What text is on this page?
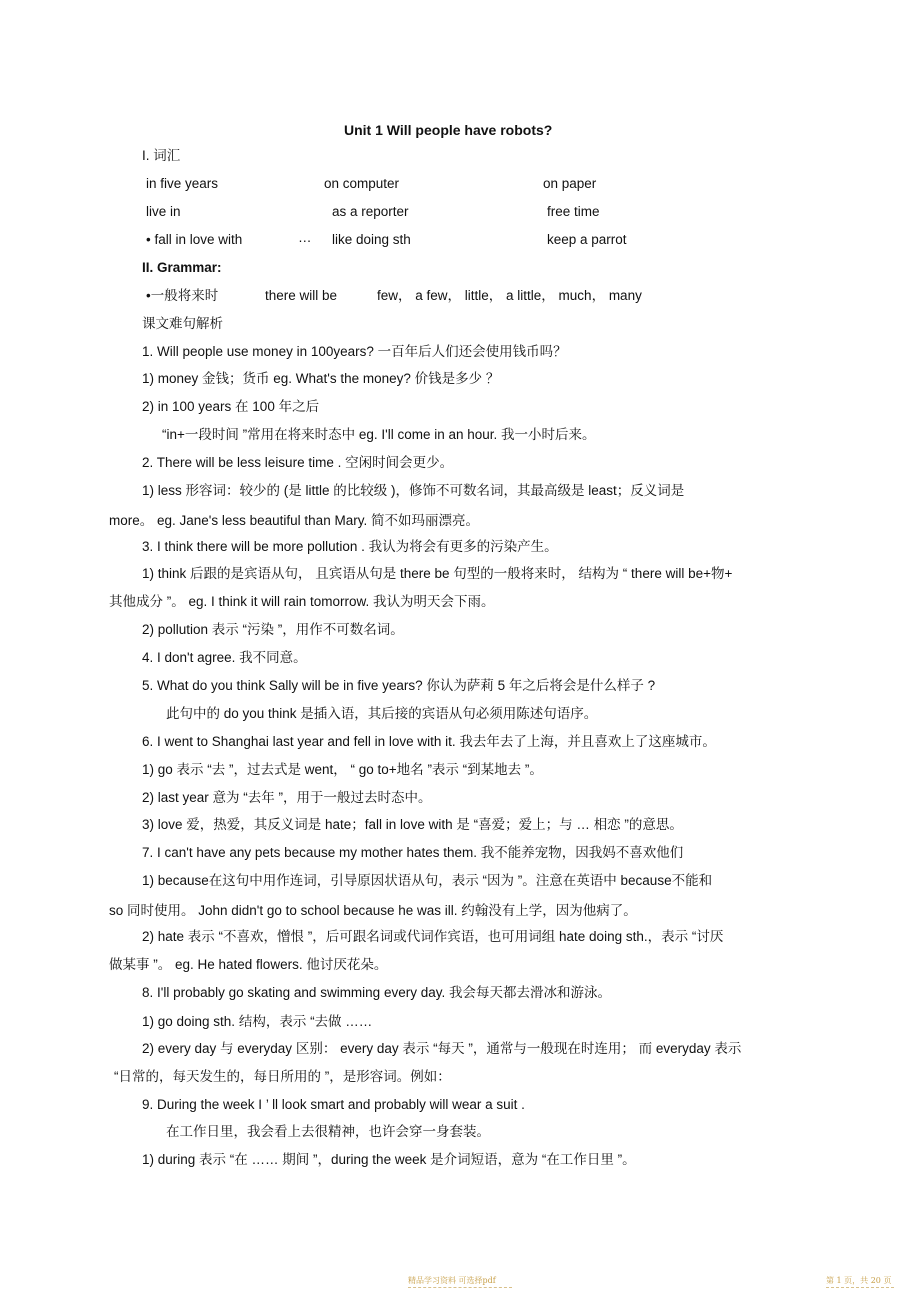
Unit 1 Will people have robots?
I. 词汇
in five years	on computer	on paper
live in	as a reporter	free time
• fall in love with	… like doing sth	keep a parrot
II. Grammar:
•一般将来时	there will be	few， a few， little， a little， much， many
课文难句解析
1. Will people use money in 100years? 一百年后人们还会使用钱币吗？
1) money 金钱；货币 eg. What's the money? 价钱是多少 ？
2) in 100 years 在 100 年之后
“in+一段时间 ”常用在将来时态中 eg. I'll come in an hour. 我一小时后来。
2. There will be less leisure time . 空闲时间会更少。
1) less 形容词：较少的 (是 little 的比较级 )，修饰不可数名词，其最高级是 least；反义词是
more。 eg. Jane's less beautiful than Mary. 简不如玛丽漂亮。
3. I think there will be more pollution . 我认为将会有更多的污染产生。
1) think 后跟的是宾语从句， 且宾语从句是 there be 句型的一般将来时， 结构为 “ there will be+物+
其他成分 ”。 eg. I think it will rain tomorrow. 我认为明天会下雨。
2) pollution 表示 “污染 ”，用作不可数名词。
4. I don't agree. 我不同意。
5. What do you think Sally will be in five years? 你认为萨莉 5 年之后将会是什么样子 ?
此句中的 do you think 是插入语，其后接的宾语从句必须用陈述句语序。
6. I went to Shanghai last year and fell in love with it. 我去年去了上海，并且喜欢上了这座城市。
1) go 表示 “去 ”，过去式是 went， “ go to+地名 ”表示 “到某地去 ”。
2) last year 意为 “去年 ”，用于一般过去时态中。
3) love 爱，热爱，其反义词是 hate；fall in love with 是 “喜爱；爱上；与 … 相恋 ”的意思。
7. I can't have any pets because my mother hates them. 我不能养宠物，因我妈不喜欢他们
1) because在这句中用作连词，引导原因状语从句，表示 “因为 ”。注意在英语中 because不能和
so 同时使用。 John didn't go to school because he was ill. 约翰没有上学，因为他病了。
2) hate 表示 “不喜欢，憎恨 ”，后可跟名词或代词作宾语，也可用词组 hate doing sth.，表示 “讨厌
做某事 ”。 eg. He hated flowers. 他讨厌花朵。
8. I'll probably go skating and swimming every day. 我会每天都去滑冰和游泳。
1) go doing sth. 结构，表示 “去做 ……
2) every day 与 everyday 区别： every day 表示 “每天 ”，通常与一般现在时连用； 而 everyday 表示
“日常的，每天发生的，每日所用的 ”，是形容词。例如：
9. During the week I ’ ll look smart and probably will wear a suit .
在工作日里，我会看上去很精神，也许会穿一身套装。
1) during 表示 “在 …… 期间 ”，during the week 是介词短语，意为 “在工作日里 ”。
精品学习资料 可选择pdf	第 1 页，共 20 页
